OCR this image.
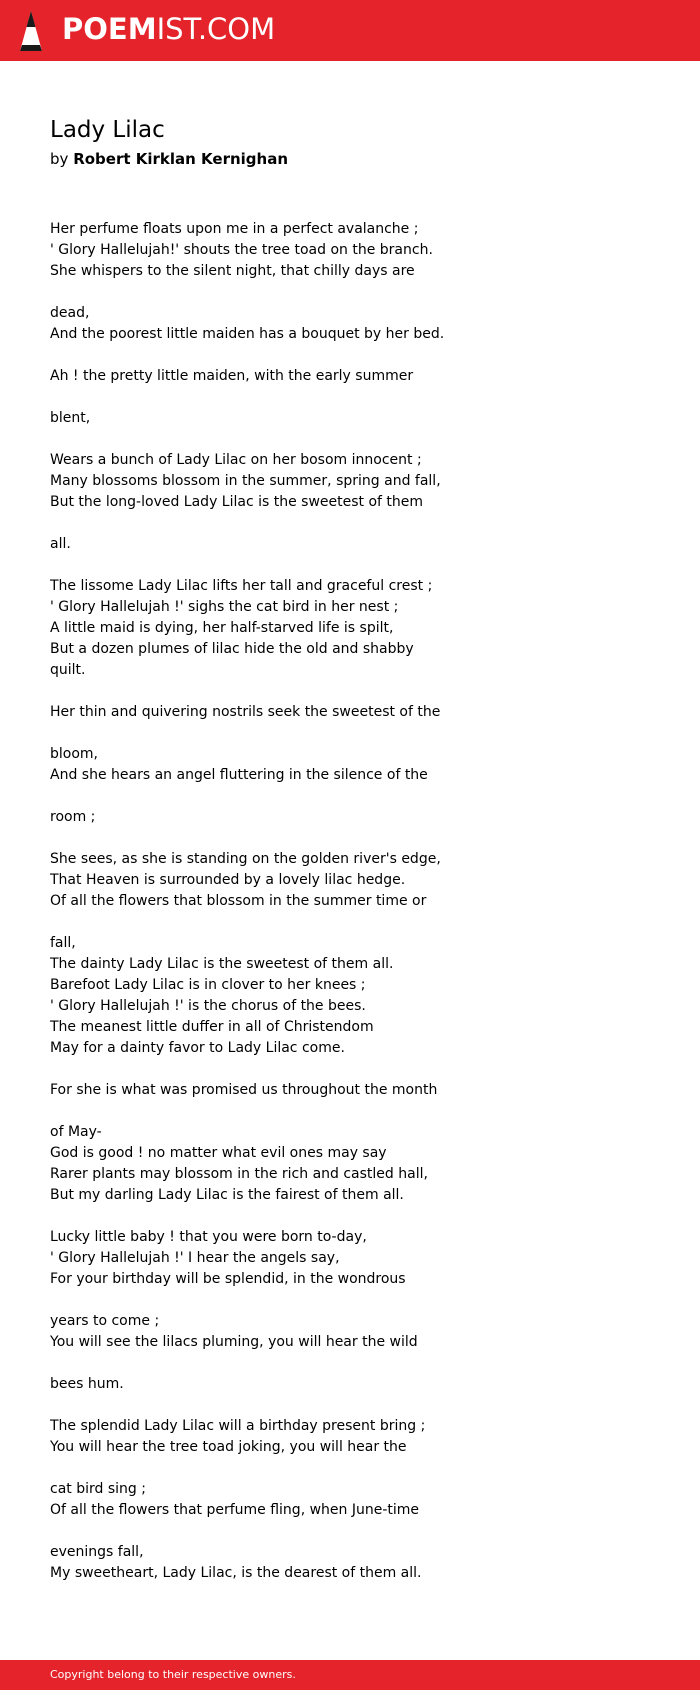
POEMIST.COM
Lady Lilac
by Robert Kirklan Kernighan
Her perfume floats upon me in a perfect avalanche ;
' Glory Hallelujah!' shouts the tree toad on the branch.
She whispers to the silent night, that chilly days are
dead,
And the poorest little maiden has a bouquet by her bed.
Ah ! the pretty little maiden, with the early summer
blent,
Wears a bunch of Lady Lilac on her bosom innocent ;
Many blossoms blossom in the summer, spring and fall,
But the long-loved Lady Lilac is the sweetest of them
all.
The lissome Lady Lilac lifts her tall and graceful crest ;
' Glory Hallelujah !' sighs the cat bird in her nest ;
A little maid is dying, her half-starved life is spilt,
But a dozen plumes of lilac hide the old and shabby
quilt.
Her thin and quivering nostrils seek the sweetest of the
bloom,
And she hears an angel fluttering in the silence of the
room ;
She sees, as she is standing on the golden river's edge,
That Heaven is surrounded by a lovely lilac hedge.
Of all the flowers that blossom in the summer time or
fall,
The dainty Lady Lilac is the sweetest of them all.
Barefoot Lady Lilac is in clover to her knees ;
' Glory Hallelujah !' is the chorus of the bees.
The meanest little duffer in all of Christendom
May for a dainty favor to Lady Lilac come.
For she is what was promised us throughout the month
of May-
God is good ! no matter what evil ones may say
Rarer plants may blossom in the rich and castled hall,
But my darling Lady Lilac is the fairest of them all.
Lucky little baby ! that you were born to-day,
' Glory Hallelujah !' I hear the angels say,
For your birthday will be splendid, in the wondrous
years to come ;
You will see the lilacs pluming, you will hear the wild
bees hum.
The splendid Lady Lilac will a birthday present bring ;
You will hear the tree toad joking, you will hear the
cat bird sing ;
Of all the flowers that perfume fling, when June-time
evenings fall,
My sweetheart, Lady Lilac, is the dearest of them all.
Copyright belong to their respective owners.
